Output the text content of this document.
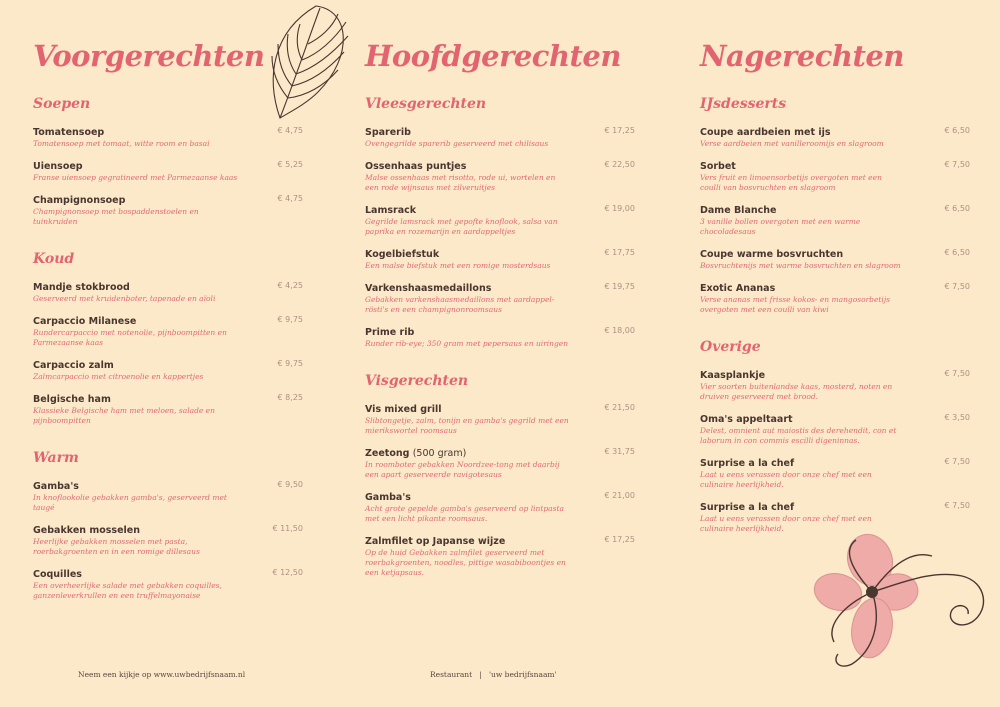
Voorgerechten
Soepen
Tomatensoep
Tomatensoep met tomaat, witte room en basai
€ 4,75
Uiensoep
Franse uiensoep gegratineerd met Parmezaanse kaas
€ 5,25
Champignonsoep
Champignonsoep met bospaddenstoelen en tuinkruiden
€ 4,75
Koud
Mandje stokbrood
Geserveerd met kruidenboter, tapenade en aïoli
€ 4,25
Carpaccio Milanese
Rundercarpaccio met notenolie, pijnboompitten en Parmezaanse kaas
€ 9,75
Carpaccio zalm
Zalmcarpaccio met citroenolie en kappertjes
€ 9,75
Belgische ham
Klassieke Belgische ham met meloen, salade en pijnboompitten
€ 8,25
Warm
Gamba's
In knoflookolie gebakken gamba's, geserveerd met taugé
€ 9,50
Gebakken mosselen
Heerlijke gebakken mosselen met pasta, roerbakgroenten en in een romige dillesaus
€ 11,50
Coquilles
Een overheerlijke salade met gebakken coquilles, ganzenleverkrullen en een truffelmayonaise
€ 12,50
Hoofdgerechten
Vleesgerechten
Sparerib
Ovengegrilde sparerib geserveerd met chilisaus
€ 17,25
Ossenhaas puntjes
Malse ossenhaas met risotto, rode ui, wortelen en een rode wijnsaus met zilveruitjes
€ 22,50
Lamsrack
Gegrilde lamsrack met gepofte knoflook, salsa van paprika en rozemarijn en aardappeltjes
€ 19,00
Kogelbiefstuk
Een malse biefstuk met een romige mosterdsaus
€ 17,75
Varkenshaasmedaillons
Gebakken varkenshaasmedaillons met aardappel-rösti's en een champignonroomsaus
€ 19,75
Prime rib
Runder rib-eye; 350 gram met pepersaus en uiringen
€ 18,00
Visgerechten
Vis mixed grill
Slibtongetje, zalm, tonijn en gamba's gegrild met een mierikswortel roomsaus
€ 21,50
Zeetong (500 gram)
In roomboter gebakken Noordzee-tong met daarbij een apart geserveerde ravigotesaus
€ 31,75
Gamba's
Acht grote gepelde gamba's geserveerd op lintpasta met een licht pikante roomsaus.
€ 21,00
Zalmfilet op Japanse wijze
Op de huid Gebakken zalmfilet geserveerd met roerbakgroenten, noodles, pittige wasabiboontjes en een ketjapsaus.
€ 17,25
Nagerechten
IJsdesserts
Coupe aardbeien met ijs
Verse aardbeien met vanilleroomijs en slagroom
€ 6,50
Sorbet
Vers fruit en limoensorbetijs overgoten met een coulli van bosvruchten en slagroom
€ 7,50
Dame Blanche
3 vanille bollen overgoten met een warme chocoladesaus
€ 6,50
Coupe warme bosvruchten
Bosvruchtenijs met warme bosvruchten en slagroom
€ 6,50
Exotic Ananas
Verse ananas met frisse kokos- en mangosorbetijs overgoten met een coulli van kiwi
€ 7,50
Overige
Kaasplankje
Vier soorten buitenlandse kaas, mosterd, noten en druiven geserveerd met brood.
€ 7,50
Oma's appeltaart
Delest, omnient aut maiostis des derehendit, con et laborum in con commis escilli digeninnas.
€ 3,50
Surprise a la chef
Laat u eens verassen door onze chef met een culinaire heerlijkheid.
€ 7,50
Surprise a la chef
Laat u eens verassen door onze chef met een culinaire heerlijkheid.
€ 7,50
Neem een kijkje op www.uwbedrijfsnaam.nl	Restaurant   |   'uw bedrijfsnaam'
